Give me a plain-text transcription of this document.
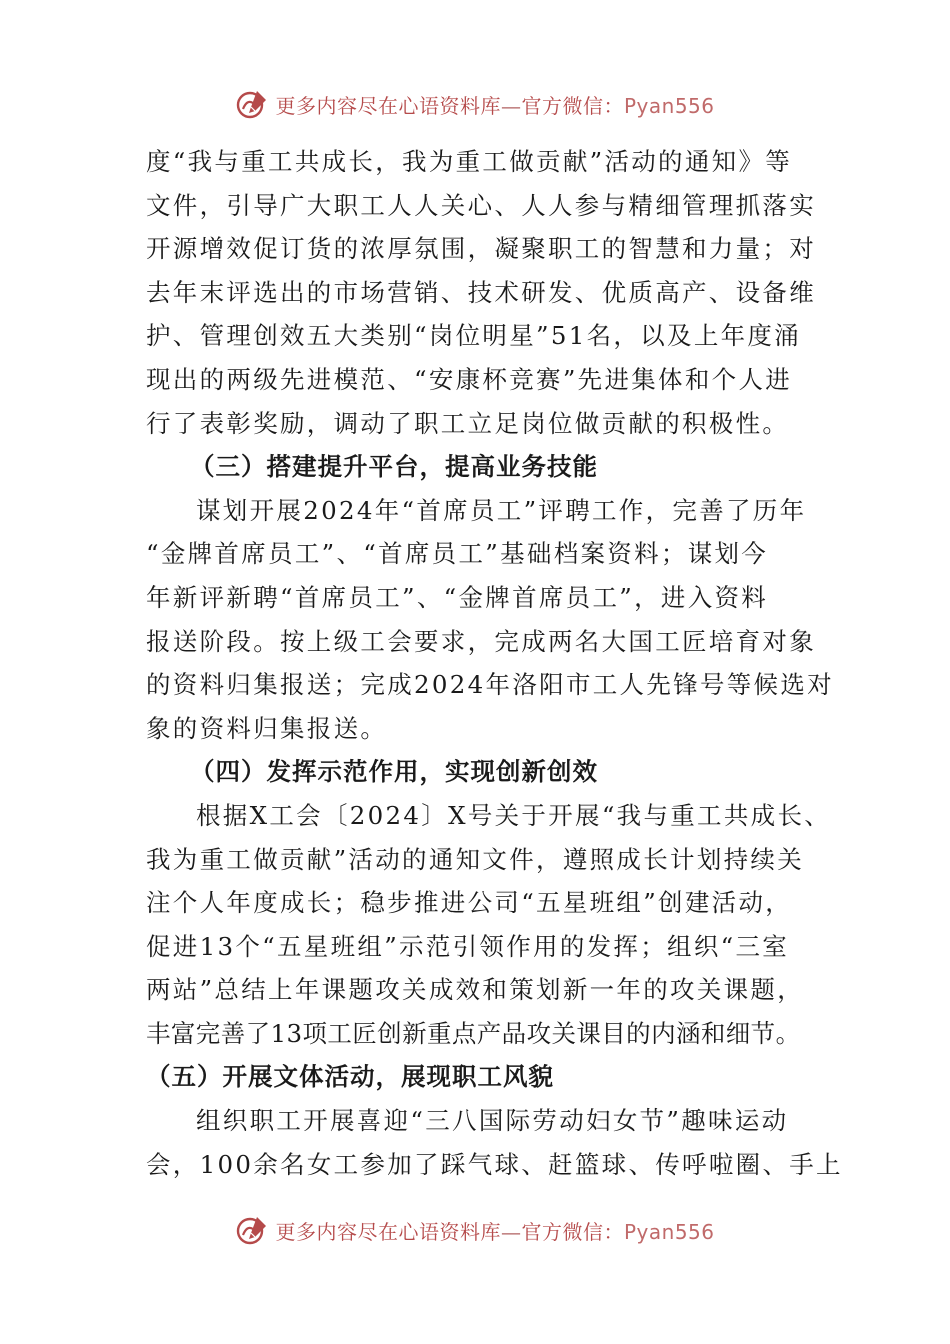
更多内容尽在心语资料库—官方微信：Pyan556
度“我与重工共成长，我为重工做贡献”活动的通知》等
文件，引导广大职工人人关心、人人参与精细管理抓落实
开源增效促订货的浓厚氛围，凝聚职工的智慧和力量；对
去年末评选出的市场营销、技术研发、优质高产、设备维
护、管理创效五大类别“岗位明星”51名，以及上年度涌
现出的两级先进模范、“安康杯竞赛”先进集体和个人进
行了表彰奖励，调动了职工立足岗位做贡献的积极性。
（三）搭建提升平台，提高业务技能
谋划开展2024年“首席员工”评聘工作，完善了历年
“金牌首席员工”、“首席员工”基础档案资料；谋划今
年新评新聘“首席员工”、“金牌首席员工”，进入资料
报送阶段。按上级工会要求，完成两名大国工匠培育对象
的资料归集报送；完成2024年洛阳市工人先锋号等候选对
象的资料归集报送。
（四）发挥示范作用，实现创新创效
根据X工会〔2024〕X号关于开展“我与重工共成长、
我为重工做贡献”活动的通知文件，遵照成长计划持续关
注个人年度成长；稳步推进公司“五星班组”创建活动，
促进13个“五星班组”示范引领作用的发挥；组织“三室
两站”总结上年课题攻关成效和策划新一年的攻关课题，
丰富完善了13项工匠创新重点产品攻关课目的内涵和细节。
（五）开展文体活动，展现职工风貌
组织职工开展喜迎“三八国际劳动妇女节”趣味运动
会，100余名女工参加了踩气球、赶篮球、传呼啦圈、手上
更多内容尽在心语资料库—官方微信：Pyan556
